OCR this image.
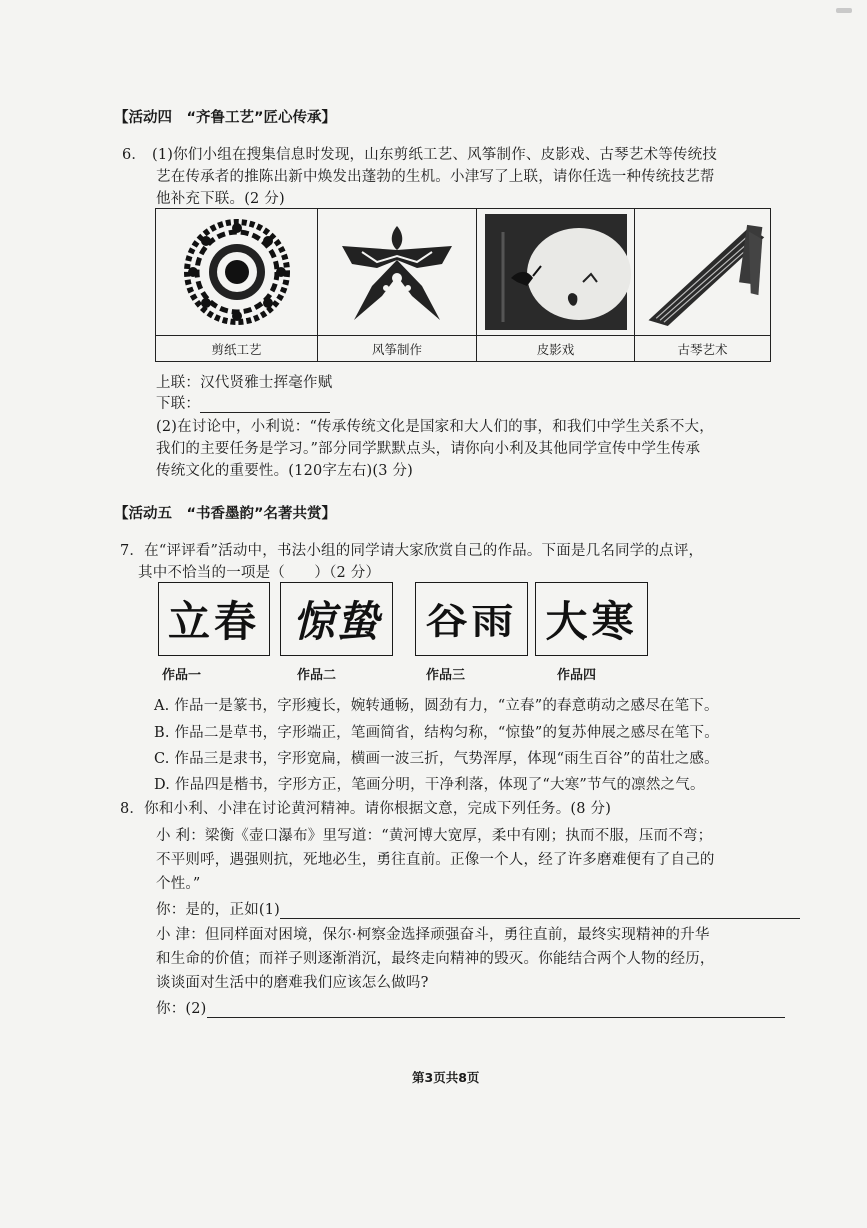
【活动四　“齐鲁工艺”匠心传承】
6． (1)你们小组在搜集信息时发现，山东剪纸工艺、风筝制作、皮影戏、古琴艺术等传统技
艺在传承者的推陈出新中焕发出蓬勃的生机。小津写了上联，请你任选一种传统技艺帮
他补充下联。(2 分)
剪纸工艺	风筝制作	皮影戏	古琴艺术
上联：汉代贤雅士挥毫作赋
下联：
(2)在讨论中，小利说：“传承传统文化是国家和大人们的事，和我们中学生关系不大，
我们的主要任务是学习。”部分同学默默点头，请你向小利及其他同学宣传中学生传承
传统文化的重要性。(120字左右)(3 分)
【活动五　“书香墨韵”名著共赏】
7．在“评评看”活动中，书法小组的同学请大家欣赏自己的作品。下面是几名同学的点评，
其中不恰当的一项是（　　）（2 分）
立春 惊蛰 谷雨 大寒
作品一	作品二	作品三	作品四
A. 作品一是篆书，字形瘦长，婉转通畅，圆劲有力，“立春”的春意萌动之感尽在笔下。
B. 作品二是草书，字形端正，笔画简省，结构匀称，“惊蛰”的复苏伸展之感尽在笔下。
C. 作品三是隶书，字形宽扁，横画一波三折，气势浑厚，体现“雨生百谷”的苗壮之感。
D. 作品四是楷书，字形方正，笔画分明，干净利落，体现了“大寒”节气的凛然之气。
8．你和小利、小津在讨论黄河精神。请你根据文意，完成下列任务。(8 分)
小 利：梁衡《壶口瀑布》里写道：“黄河博大宽厚，柔中有刚；执而不服，压而不弯；
不平则呼，遇强则抗，死地必生，勇往直前。正像一个人，经了许多磨难便有了自己的
个性。”
你：是的，正如(1)
小 津：但同样面对困境，保尔·柯察金选择顽强奋斗，勇往直前，最终实现精神的升华
和生命的价值；而祥子则逐渐消沉，最终走向精神的毁灭。你能结合两个人物的经历，
谈谈面对生活中的磨难我们应该怎么做吗?
你：(2)
第3页共8页
